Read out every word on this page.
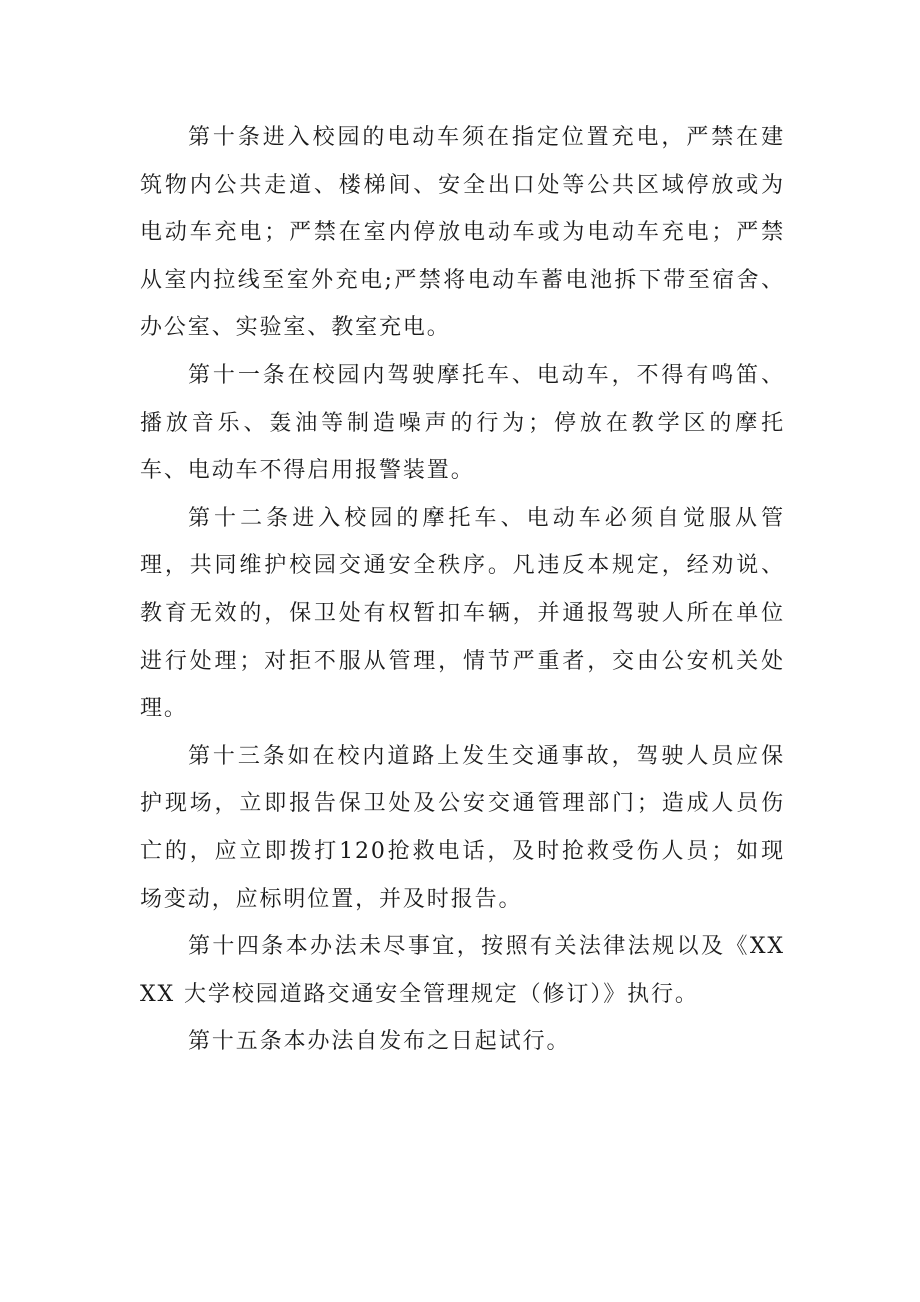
第十条进入校园的电动车须在指定位置充电，严禁在建筑物内公共走道、楼梯间、安全出口处等公共区域停放或为电动车充电；严禁在室内停放电动车或为电动车充电；严禁从室内拉线至室外充电;严禁将电动车蓄电池拆下带至宿舍、办公室、实验室、教室充电。

第十一条在校园内驾驶摩托车、电动车，不得有鸣笛、播放音乐、轰油等制造噪声的行为；停放在教学区的摩托车、电动车不得启用报警装置。

第十二条进入校园的摩托车、电动车必须自觉服从管理，共同维护校园交通安全秩序。凡违反本规定，经劝说、教育无效的，保卫处有权暂扣车辆，并通报驾驶人所在单位进行处理；对拒不服从管理，情节严重者，交由公安机关处理。

第十三条如在校内道路上发生交通事故，驾驶人员应保护现场，立即报告保卫处及公安交通管理部门；造成人员伤亡的，应立即拨打120抢救电话，及时抢救受伤人员；如现场变动，应标明位置，并及时报告。

第十四条本办法未尽事宜，按照有关法律法规以及《XXXX 大学校园道路交通安全管理规定（修订）》执行。

第十五条本办法自发布之日起试行。
